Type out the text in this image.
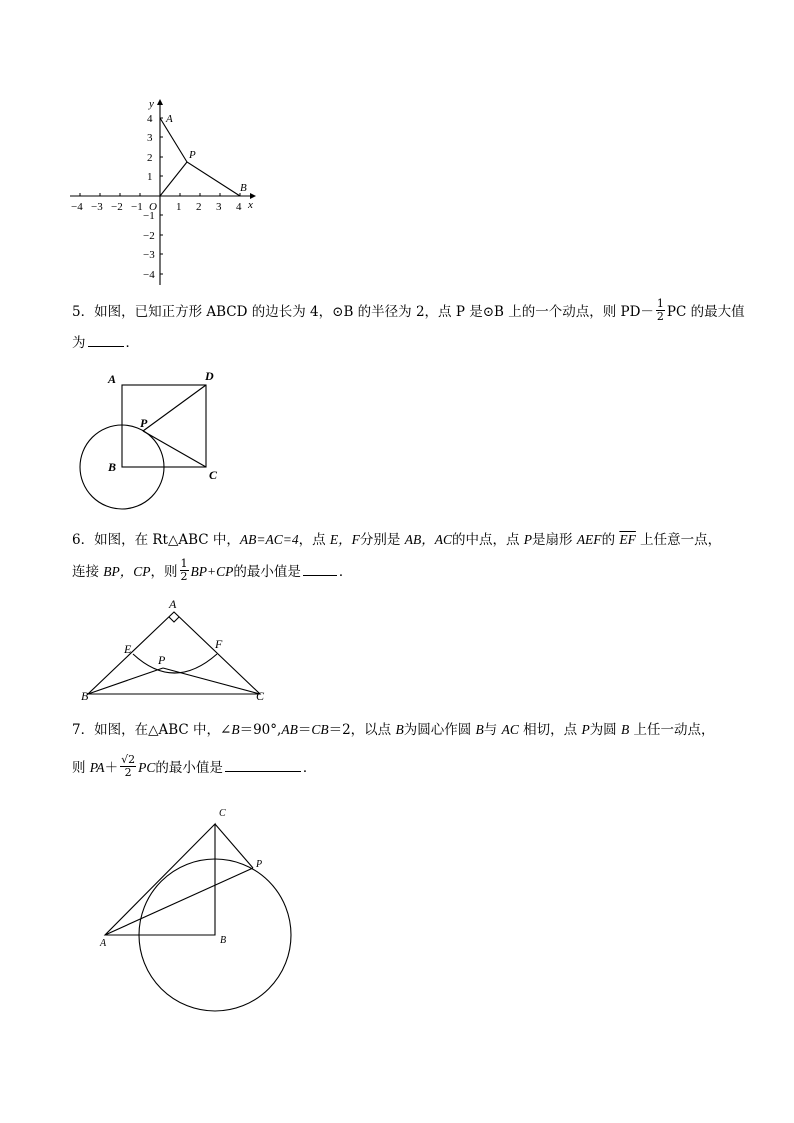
y
4
3
2
1
−1
−2
−3
−4
−4 −3 −2 −1 O 1 2 3 4 x
A
P
B
5．如图，已知正方形 ABCD 的边长为 4，⊙B 的半径为 2，点 P 是⊙B 上的一个动点，则 $PD- \frac{1}{2}$ PC 的最大值
为	．
A	D
P
B
C
6．如图，在 Rt△ABC 中，AB=AC=4，点 E，F分别是 AB，AC的中点，点 P是扇形 AEF的 $\overline{EF}$ 上任意一点，
连接 BP，CP，则 $\frac{1}{2} BP+CP$的最小值是	．
A
E	F
P
B	C
7．如图，在△ABC 中，∠B＝90°,AB＝CB＝2，以点 B为圆心作圆 B与 AC 相切，点 P为圆 B 上任一动点，
则 $PA+ \frac{√2}{2}$ PC的最小值是	．
C
P
A	B
